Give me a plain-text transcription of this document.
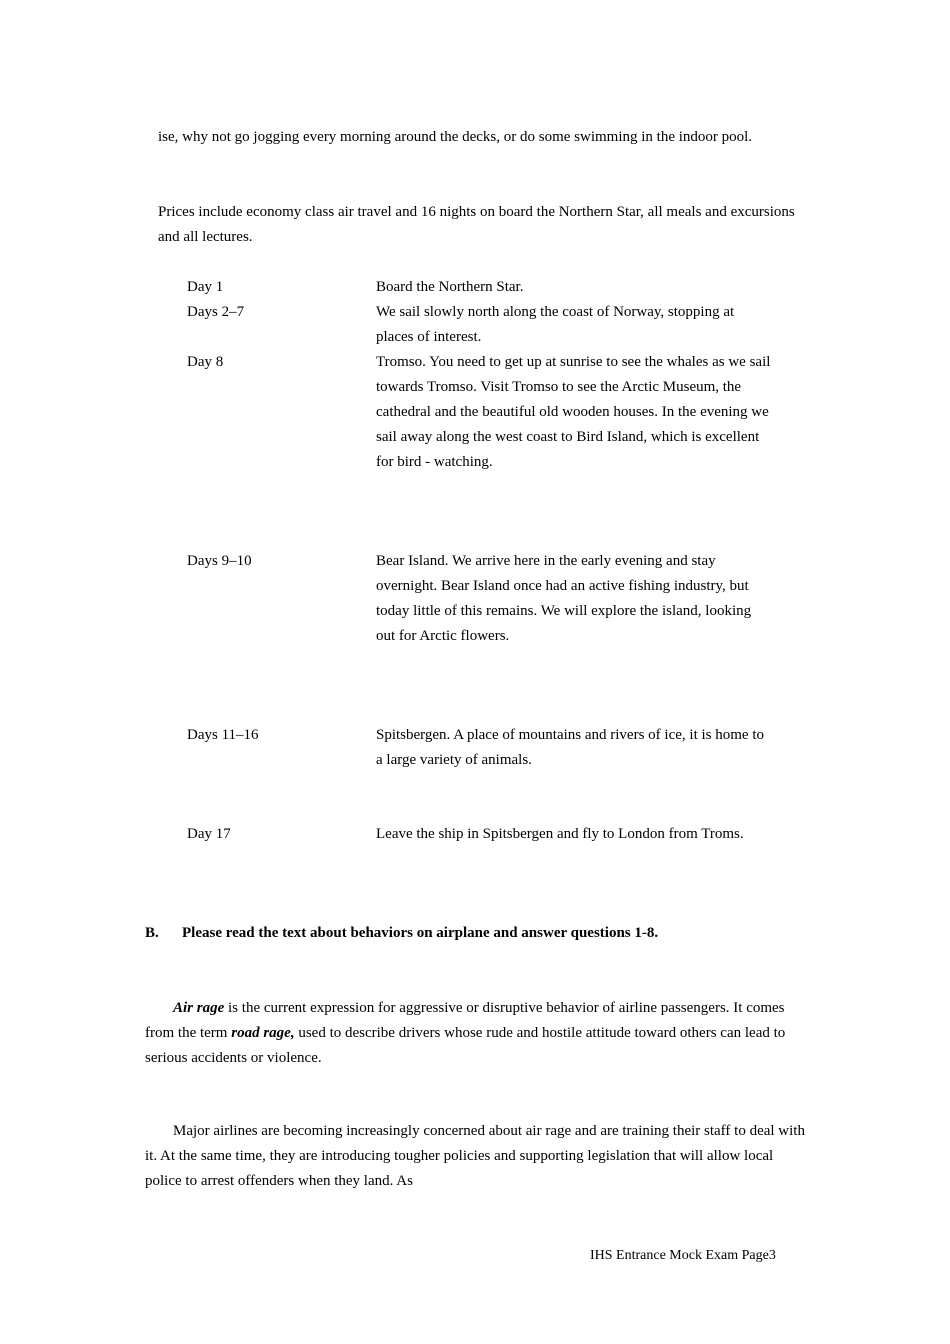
ise, why not go jogging every morning around the decks, or do some swimming in the indoor pool.

Prices include economy class air travel and 16 nights on board the Northern Star, all meals and excursions and all lectures.

Day 1	Board the Northern Star.
Days 2–7	We sail slowly north along the coast of Norway, stopping at places of interest.
Day 8	Tromso. You need to get up at sunrise to see the whales as we sail towards Tromso. Visit Tromso to see the Arctic Museum, the cathedral and the beautiful old wooden houses. In the evening we sail away along the west coast to Bird Island, which is excellent for bird - watching.
Days 9–10	Bear Island. We arrive here in the early evening and stay overnight. Bear Island once had an active fishing industry, but today little of this remains. We will explore the island, looking out for Arctic flowers.
Days 11–16	Spitsbergen. A place of mountains and rivers of ice, it is home to a large variety of animals.
Day 17	Leave the ship in Spitsbergen and fly to London from Troms.
B. Please read the text about behaviors on airplane and answer questions 1-8.

Air rage is the current expression for aggressive or disruptive behavior of airline passengers. It comes from the term road rage, used to describe drivers whose rude and hostile attitude toward others can lead to serious accidents or violence.

Major airlines are becoming increasingly concerned about air rage and are training their staff to deal with it. At the same time, they are introducing tougher policies and supporting legislation that will allow local police to arrest offenders when they land. As

IHS Entrance Mock Exam Page3
